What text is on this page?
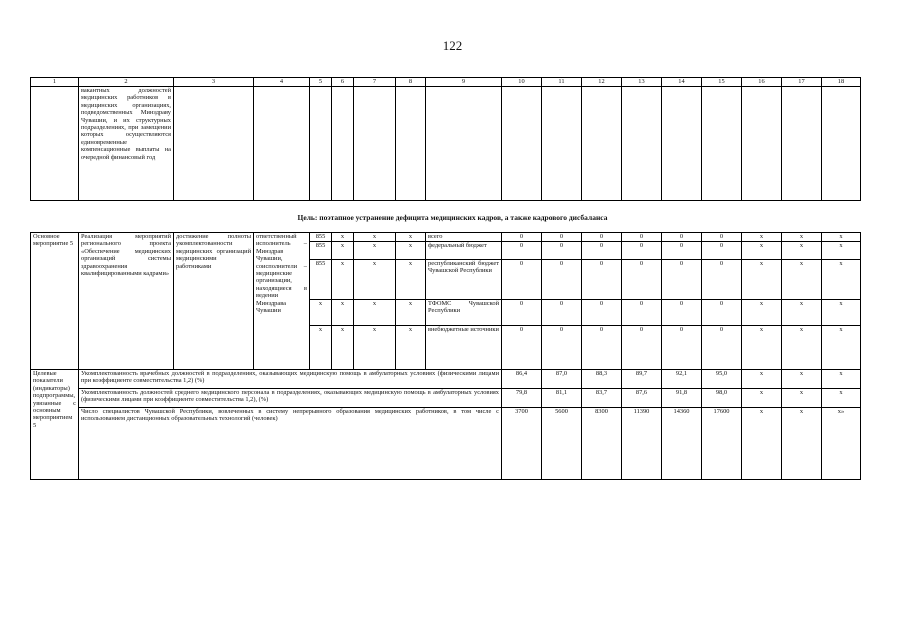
122
1	2	3	4	5	6	7	8	9	10	11	12	13	14	15	16	17	18
	вакантных должностей медицинских работников в медицинских организациях, подведомственных Минздраву Чувашии, и их структурных подразделениях, при замещении которых осуществляются единовременные компенсационные выплаты на очередной финансовый год																
Цель: поэтапное устранение дефицита медицинских кадров, а также кадрового дисбаланса
Основное мероприятие 5	Реализация мероприятий регионального проекта «Обеспечение медицинских организаций системы здравоохранения квалифицированными кадрами»	достижение полноты укомплектованности медицинских организаций медицинскими работниками	ответственный исполнитель – Минздрав Чувашии, соисполнители – медицинские организации, находящиеся в ведении Минздрава Чувашии	855	x	x	x	всего	0	0	0	0	0	0	x	x	x
				855	x	x	x	федеральный бюджет	0	0	0	0	0	0	x	x	x
				855	x	x	x	республиканский бюджет Чувашской Республики	0	0	0	0	0	0	x	x	x
				x	x	x	x	ТФОМС Чувашской Республики	0	0	0	0	0	0	x	x	x
				x	x	x	x	внебюджетные источники	0	0	0	0	0	0	x	x	x
Целевые показатели (индикаторы) подпрограммы, увязанные с основным мероприятием 5	Укомплектованность врачебных должностей в подразделениях, оказывающих медицинскую помощь в амбулаторных условиях (физическими лицами при коэффициенте совместительства 1,2) (%)								86,4	87,0	88,3	89,7	92,1	95,0	x	x	x
	Укомплектованность должностей среднего медицинского персонала в подразделениях, оказывающих медицинскую помощь в амбулаторных условиях (физическими лицами при коэффициенте совместительства 1,2), (%)								79,8	81,1	83,7	87,6	91,8	98,0	x	x	x
	Число специалистов Чувашской Республики, вовлеченных в систему непрерывного образования медицинских работников, в том числе с использованием дистанционных образовательных технологий (человек)								3700	5600	8300	11390	14360	17600	x	x	x»
